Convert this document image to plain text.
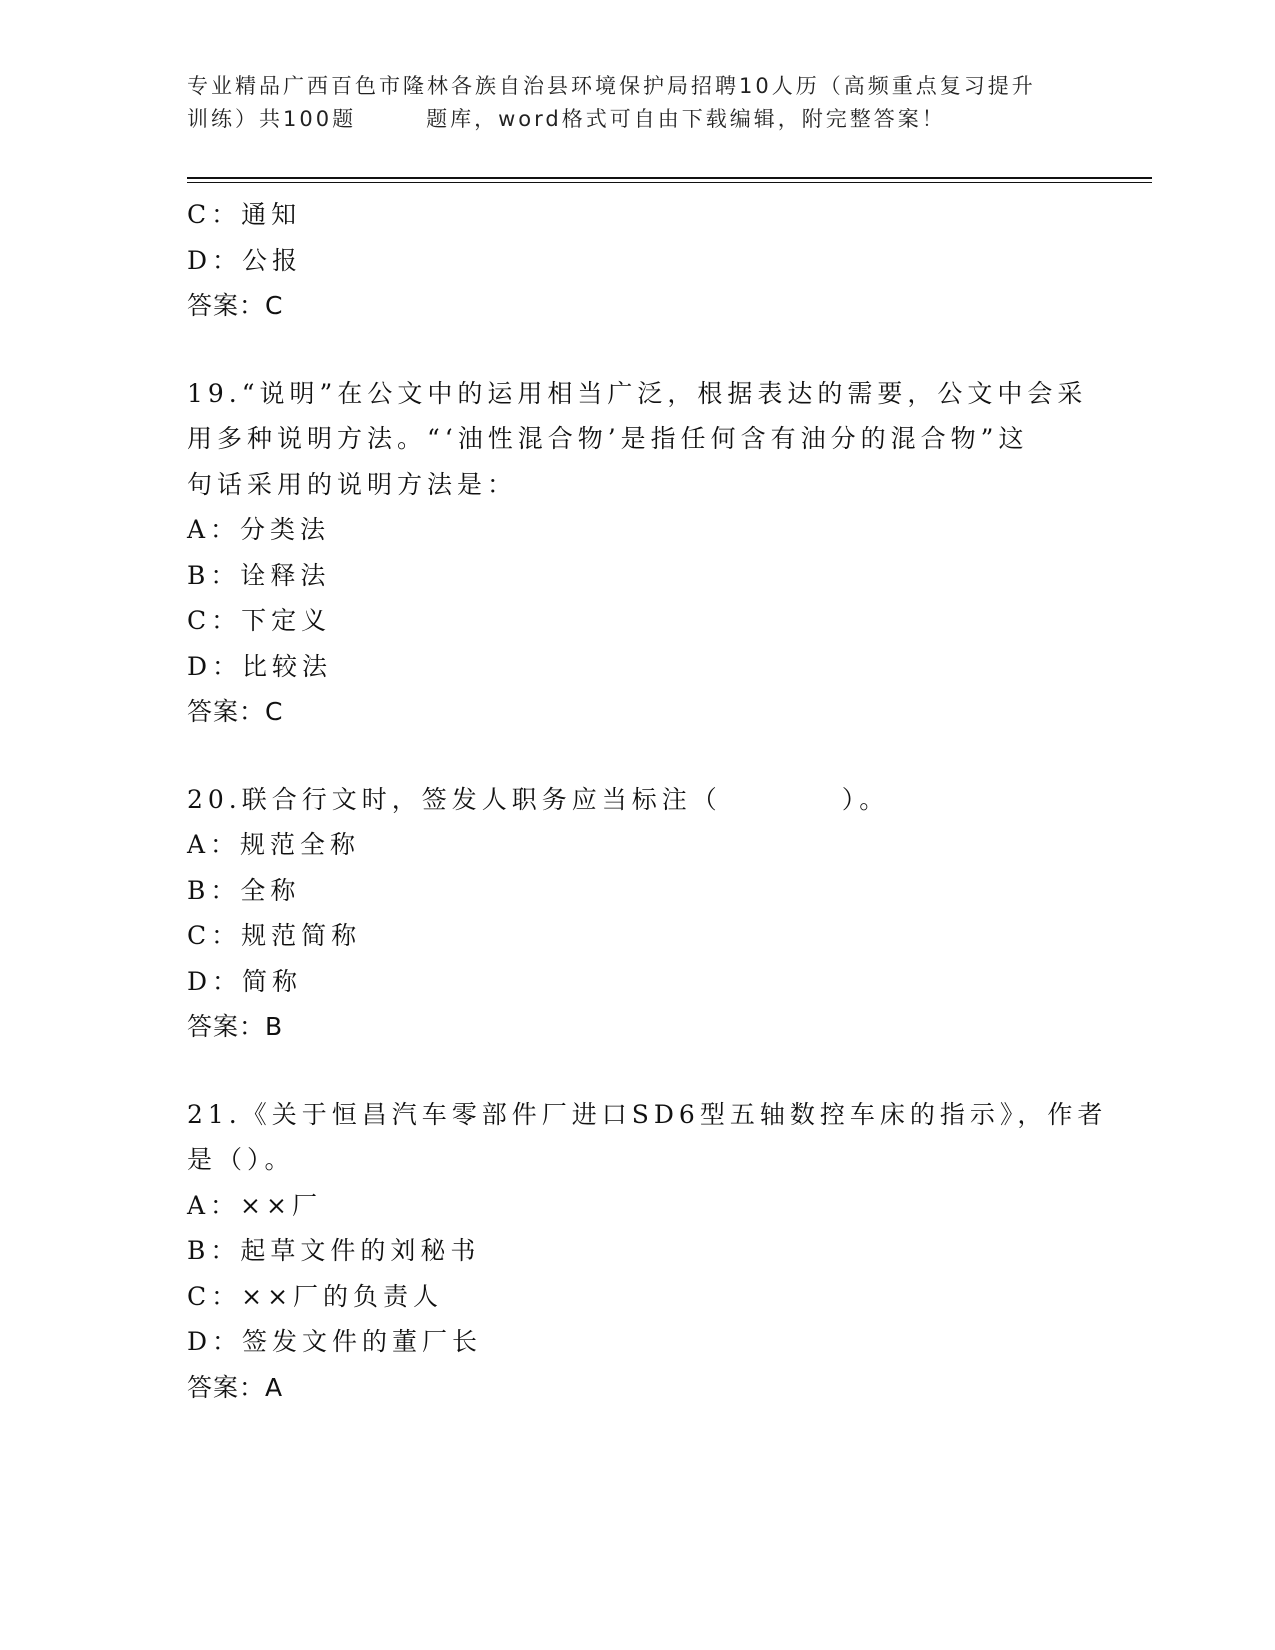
专业精品广西百色市隆林各族自治县环境保护局招聘10人历（高频重点复习提升
训练）共100题	题库，word格式可自由下载编辑，附完整答案！
C：通知
D：公报
答案：C
19.“说明”在公文中的运用相当广泛，根据表达的需要，公文中会采
用多种说明方法。“‘油性混合物’是指任何含有油分的混合物”这
句话采用的说明方法是：
A：分类法
B：诠释法
C：下定义
D：比较法
答案：C
20.联合行文时，签发人职务应当标注（	）。
A：规范全称
B：全称
C：规范简称
D：简称
答案：B
21.《关于恒昌汽车零部件厂进口SD6型五轴数控车床的指示》，作者
是（）。
A：××厂
B：起草文件的刘秘书
C：××厂的负责人
D：签发文件的董厂长
答案：A
